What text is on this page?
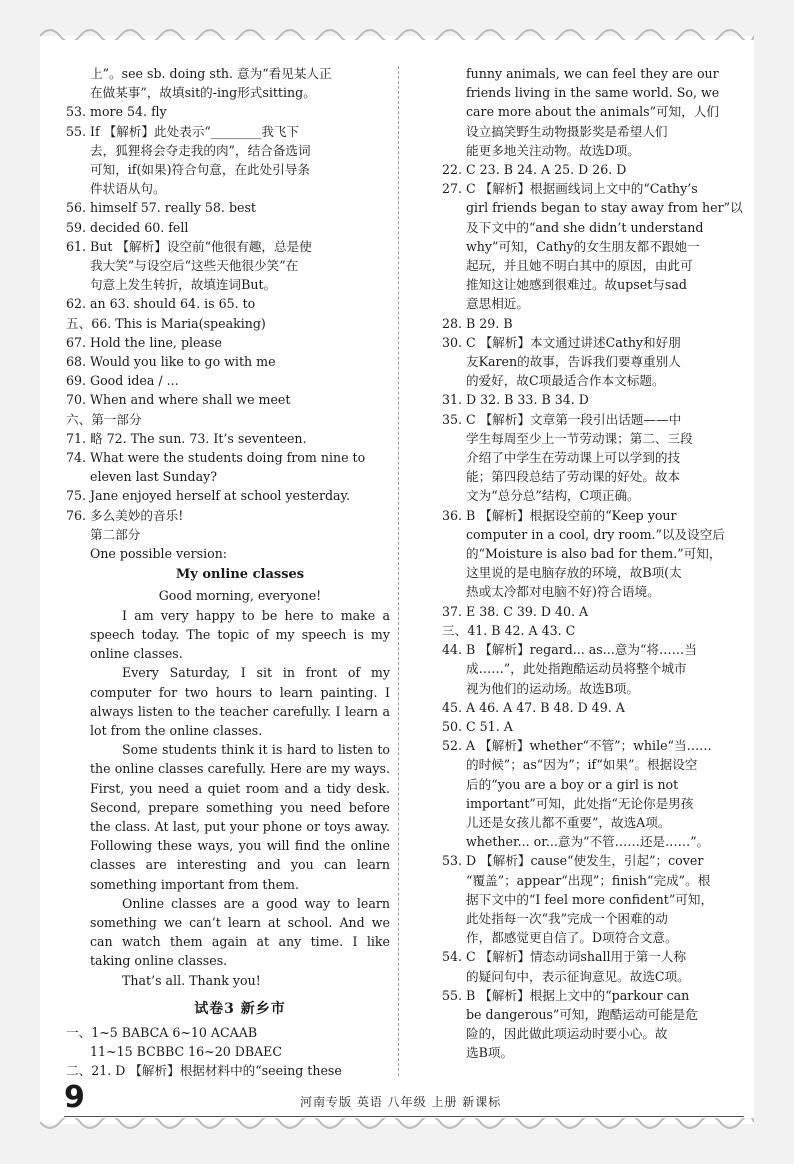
上”。see sb. doing sth. 意为“看见某人正
在做某事”，故填sit的-ing形式sitting。
53. more 54. fly
55. If 【解析】此处表示“________我飞下
去，狐狸将会夺走我的肉”，结合备选词
可知，if(如果)符合句意，在此处引导条
件状语从句。
56. himself 57. really 58. best
59. decided 60. fell
61. But 【解析】设空前“他很有趣，总是使
我大笑”与设空后“这些天他很少笑”在
句意上发生转折，故填连词But。
62. an 63. should 64. is 65. to
五、66. This is Maria(speaking)
67. Hold the line, please
68. Would you like to go with me
69. Good idea / ...
70. When and where shall we meet
六、第一部分
71. 略 72. The sun. 73. It’s seventeen.
74. What were the students doing from nine to
eleven last Sunday?
75. Jane enjoyed herself at school yesterday.
76. 多么美妙的音乐!
第二部分
One possible version:
My online classes
Good morning, everyone!
I am very happy to be here to make a speech today. The topic of my speech is my online classes.
Every Saturday, I sit in front of my computer for two hours to learn painting. I always listen to the teacher carefully. I learn a lot from the online classes.
Some students think it is hard to listen to the online classes carefully. Here are my ways. First, you need a quiet room and a tidy desk. Second, prepare something you need before the class. At last, put your phone or toys away. Following these ways, you will find the online classes are interesting and you can learn something important from them.
Online classes are a good way to learn something we can’t learn at school. And we can watch them again at any time. I like taking online classes.
That’s all. Thank you!
试卷3 新乡市
一、1~5 BABCA 6~10 ACAAB
11~15 BCBBC 16~20 DBAEC
二、21. D 【解析】根据材料中的“seeing these
funny animals, we can feel they are our
friends living in the same world. So, we
care more about the animals”可知，人们
设立搞笑野生动物摄影奖是希望人们
能更多地关注动物。故选D项。
22. C 23. B 24. A 25. D 26. D
27. C 【解析】根据画线词上文中的“Cathy’s
girl friends began to stay away from her”以
及下文中的“and she didn’t understand
why”可知，Cathy的女生朋友都不跟她一
起玩，并且她不明白其中的原因，由此可
推知这让她感到很难过。故upset与sad
意思相近。
28. B 29. B
30. C 【解析】本文通过讲述Cathy和好朋
友Karen的故事，告诉我们要尊重别人
的爱好，故C项最适合作本文标题。
31. D 32. B 33. B 34. D
35. C 【解析】文章第一段引出话题——中
学生每周至少上一节劳动课；第二、三段
介绍了中学生在劳动课上可以学到的技
能；第四段总结了劳动课的好处。故本
文为“总分总”结构，C项正确。
36. B 【解析】根据设空前的“Keep your
computer in a cool, dry room.”以及设空后
的“Moisture is also bad for them.”可知，
这里说的是电脑存放的环境，故B项(太
热或太冷都对电脑不好)符合语境。
37. E 38. C 39. D 40. A
三、41. B 42. A 43. C
44. B 【解析】regard... as...意为“将……当
成……”，此处指跑酷运动员将整个城市
视为他们的运动场。故选B项。
45. A 46. A 47. B 48. D 49. A
50. C 51. A
52. A 【解析】whether“不管”；while“当……
的时候”；as“因为”；if“如果”。根据设空
后的“you are a boy or a girl is not
important”可知，此处指“无论你是男孩
儿还是女孩儿都不重要”，故选A项。
whether... or...意为“不管……还是……”。
53. D 【解析】cause“使发生，引起”；cover
“覆盖”；appear“出现”；finish“完成”。根
据下文中的“I feel more confident”可知，
此处指每一次“我”完成一个困难的动
作，都感觉更自信了。D项符合文意。
54. C 【解析】情态动词shall用于第一人称
的疑问句中，表示征询意见。故选C项。
55. B 【解析】根据上文中的“parkour can
be dangerous”可知，跑酷运动可能是危
险的，因此做此项运动时要小心。故
选B项。
9	河南专版 英语 八年级 上册 新课标
